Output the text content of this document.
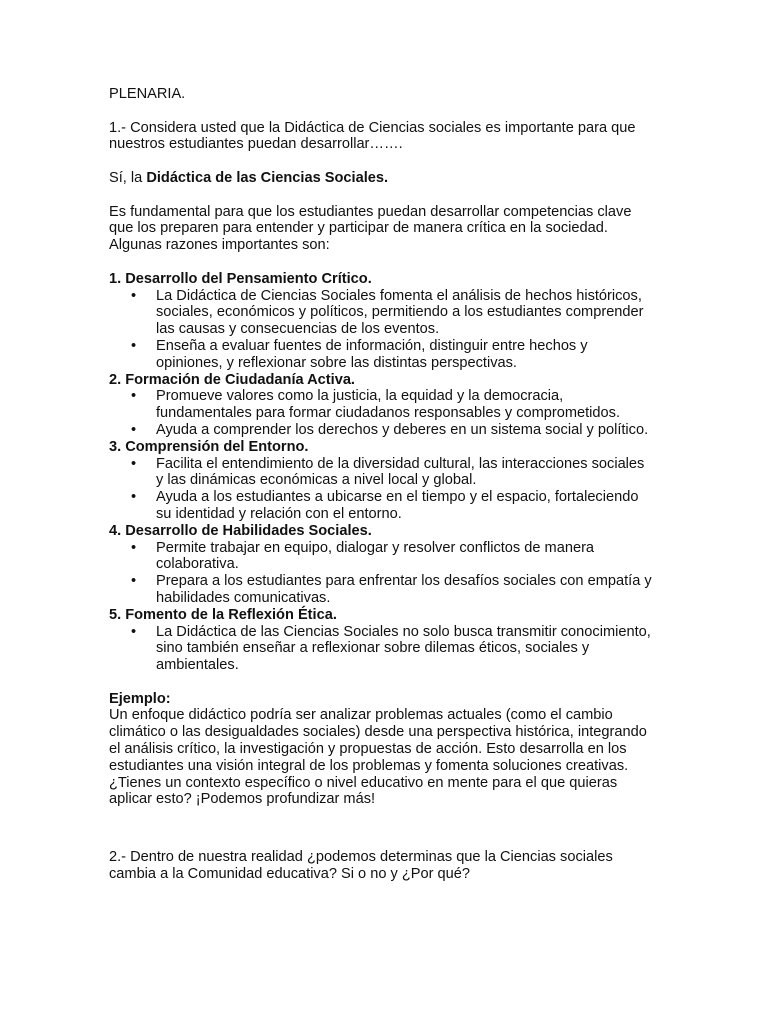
PLENARIA.

1.- Considera usted que la Didáctica de Ciencias sociales es importante para que nuestros estudiantes puedan desarrollar…….

Sí, la Didáctica de las Ciencias Sociales.

Es fundamental para que los estudiantes puedan desarrollar competencias clave que los preparen para entender y participar de manera crítica en la sociedad. Algunas razones importantes son:

1. Desarrollo del Pensamiento Crítico.

• La Didáctica de Ciencias Sociales fomenta el análisis de hechos históricos, sociales, económicos y políticos, permitiendo a los estudiantes comprender las causas y consecuencias de los eventos.
• Enseña a evaluar fuentes de información, distinguir entre hechos y opiniones, y reflexionar sobre las distintas perspectivas.

2. Formación de Ciudadanía Activa.

• Promueve valores como la justicia, la equidad y la democracia, fundamentales para formar ciudadanos responsables y comprometidos.
• Ayuda a comprender los derechos y deberes en un sistema social y político.

3. Comprensión del Entorno.

• Facilita el entendimiento de la diversidad cultural, las interacciones sociales y las dinámicas económicas a nivel local y global.
• Ayuda a los estudiantes a ubicarse en el tiempo y el espacio, fortaleciendo su identidad y relación con el entorno.

4. Desarrollo de Habilidades Sociales.

• Permite trabajar en equipo, dialogar y resolver conflictos de manera colaborativa.
• Prepara a los estudiantes para enfrentar los desafíos sociales con empatía y habilidades comunicativas.

5. Fomento de la Reflexión Ética.

• La Didáctica de las Ciencias Sociales no solo busca transmitir conocimiento, sino también enseñar a reflexionar sobre dilemas éticos, sociales y ambientales.

Ejemplo:

Un enfoque didáctico podría ser analizar problemas actuales (como el cambio climático o las desigualdades sociales) desde una perspectiva histórica, integrando el análisis crítico, la investigación y propuestas de acción. Esto desarrolla en los estudiantes una visión integral de los problemas y fomenta soluciones creativas.

¿Tienes un contexto específico o nivel educativo en mente para el que quieras aplicar esto? ¡Podemos profundizar más!

2.- Dentro de nuestra realidad ¿podemos determinas que la Ciencias sociales cambia a la Comunidad educativa? Si o no y ¿Por qué?
